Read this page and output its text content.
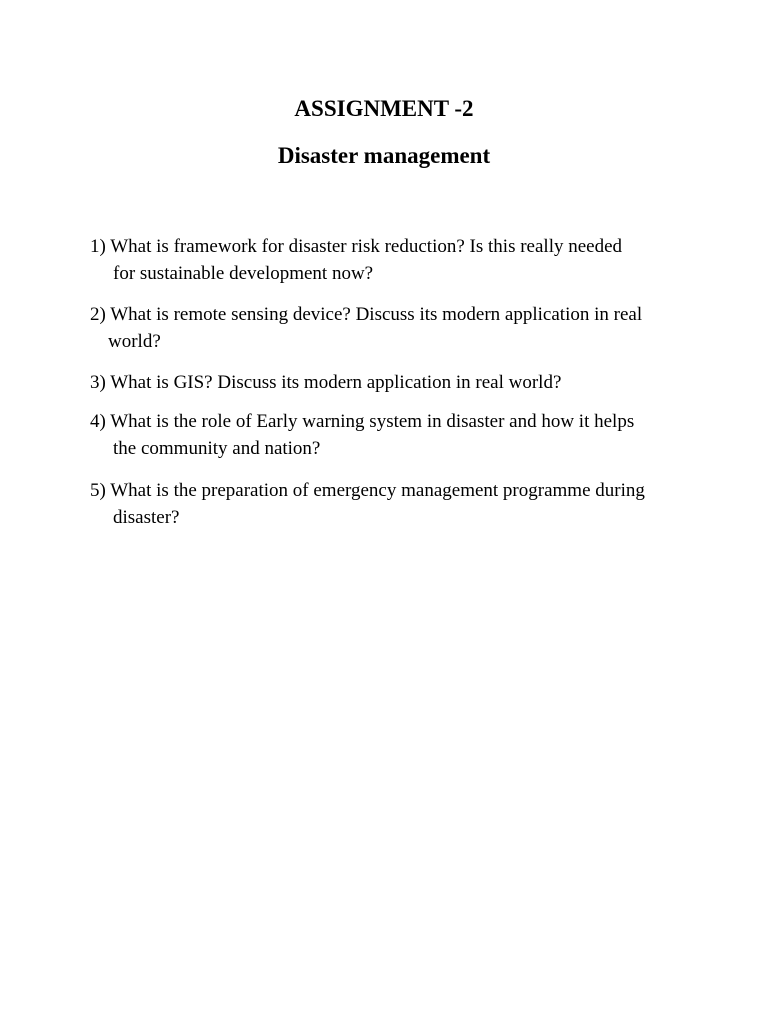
ASSIGNMENT -2
Disaster management
1) What is framework for disaster risk reduction? Is this really needed
for sustainable development now?
2) What is remote sensing device? Discuss its modern application in real
world?
3) What is GIS? Discuss its modern application in real world?
4) What is the role of Early warning system in disaster and how it helps
the community and nation?
5) What is the preparation of emergency management programme during
disaster?
